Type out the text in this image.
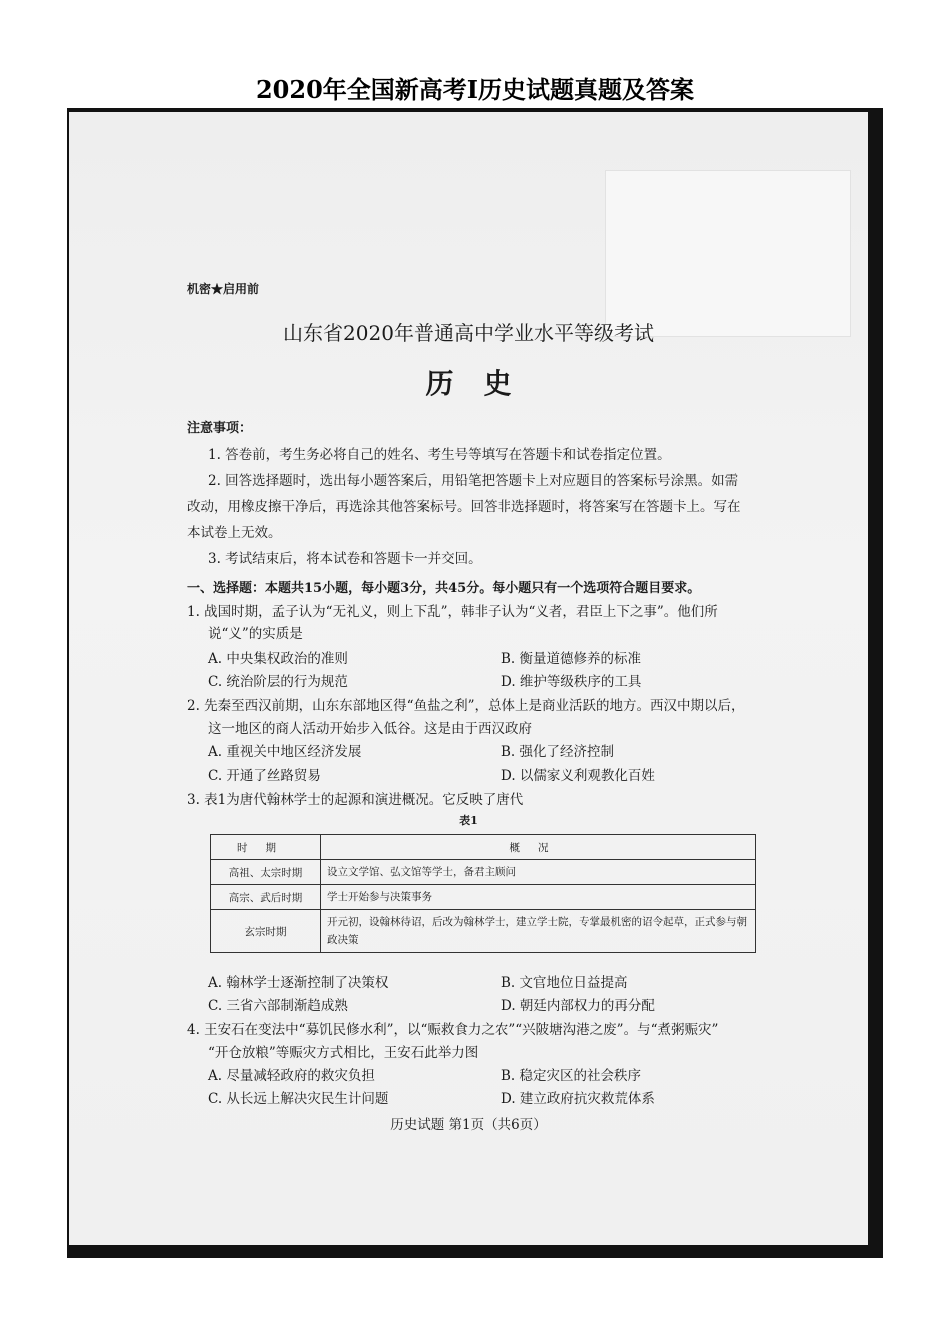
2020年全国新高考Ⅰ历史试题真题及答案
机密★启用前
山东省2020年普通高中学业水平等级考试
历史
注意事项：
1. 答卷前，考生务必将自己的姓名、考生号等填写在答题卡和试卷指定位置。
2. 回答选择题时，选出每小题答案后，用铅笔把答题卡上对应题目的答案标号涂黑。如需
改动，用橡皮擦干净后，再选涂其他答案标号。回答非选择题时，将答案写在答题卡上。写在
本试卷上无效。
3. 考试结束后，将本试卷和答题卡一并交回。
一、选择题：本题共15小题，每小题3分，共45分。每小题只有一个选项符合题目要求。
1. 战国时期，孟子认为“无礼义，则上下乱”，韩非子认为“义者，君臣上下之事”。他们所
说“义”的实质是
A. 中央集权政治的准则	B. 衡量道德修养的标准
C. 统治阶层的行为规范	D. 维护等级秩序的工具
2. 先秦至西汉前期，山东东部地区得“鱼盐之利”，总体上是商业活跃的地方。西汉中期以后，
这一地区的商人活动开始步入低谷。这是由于西汉政府
A. 重视关中地区经济发展	B. 强化了经济控制
C. 开通了丝路贸易	D. 以儒家义利观教化百姓
3. 表1为唐代翰林学士的起源和演进概况。它反映了唐代
表1
时期	概况
高祖、太宗时期	设立文学馆、弘文馆等学士，备君主顾问
高宗、武后时期	学士开始参与决策事务
玄宗时期	开元初，设翰林待诏，后改为翰林学士，建立学士院，专掌最机密的诏令起草，正式参与朝政决策
A. 翰林学士逐渐控制了决策权	B. 文官地位日益提高
C. 三省六部制渐趋成熟	D. 朝廷内部权力的再分配
4. 王安石在变法中“募饥民修水利”，以“赈救食力之农”“兴陂塘沟港之废”。与“煮粥赈灾”
“开仓放粮”等赈灾方式相比，王安石此举力图
A. 尽量减轻政府的救灾负担	B. 稳定灾区的社会秩序
C. 从长远上解决灾民生计问题	D. 建立政府抗灾救荒体系
历史试题 第1页（共6页）
